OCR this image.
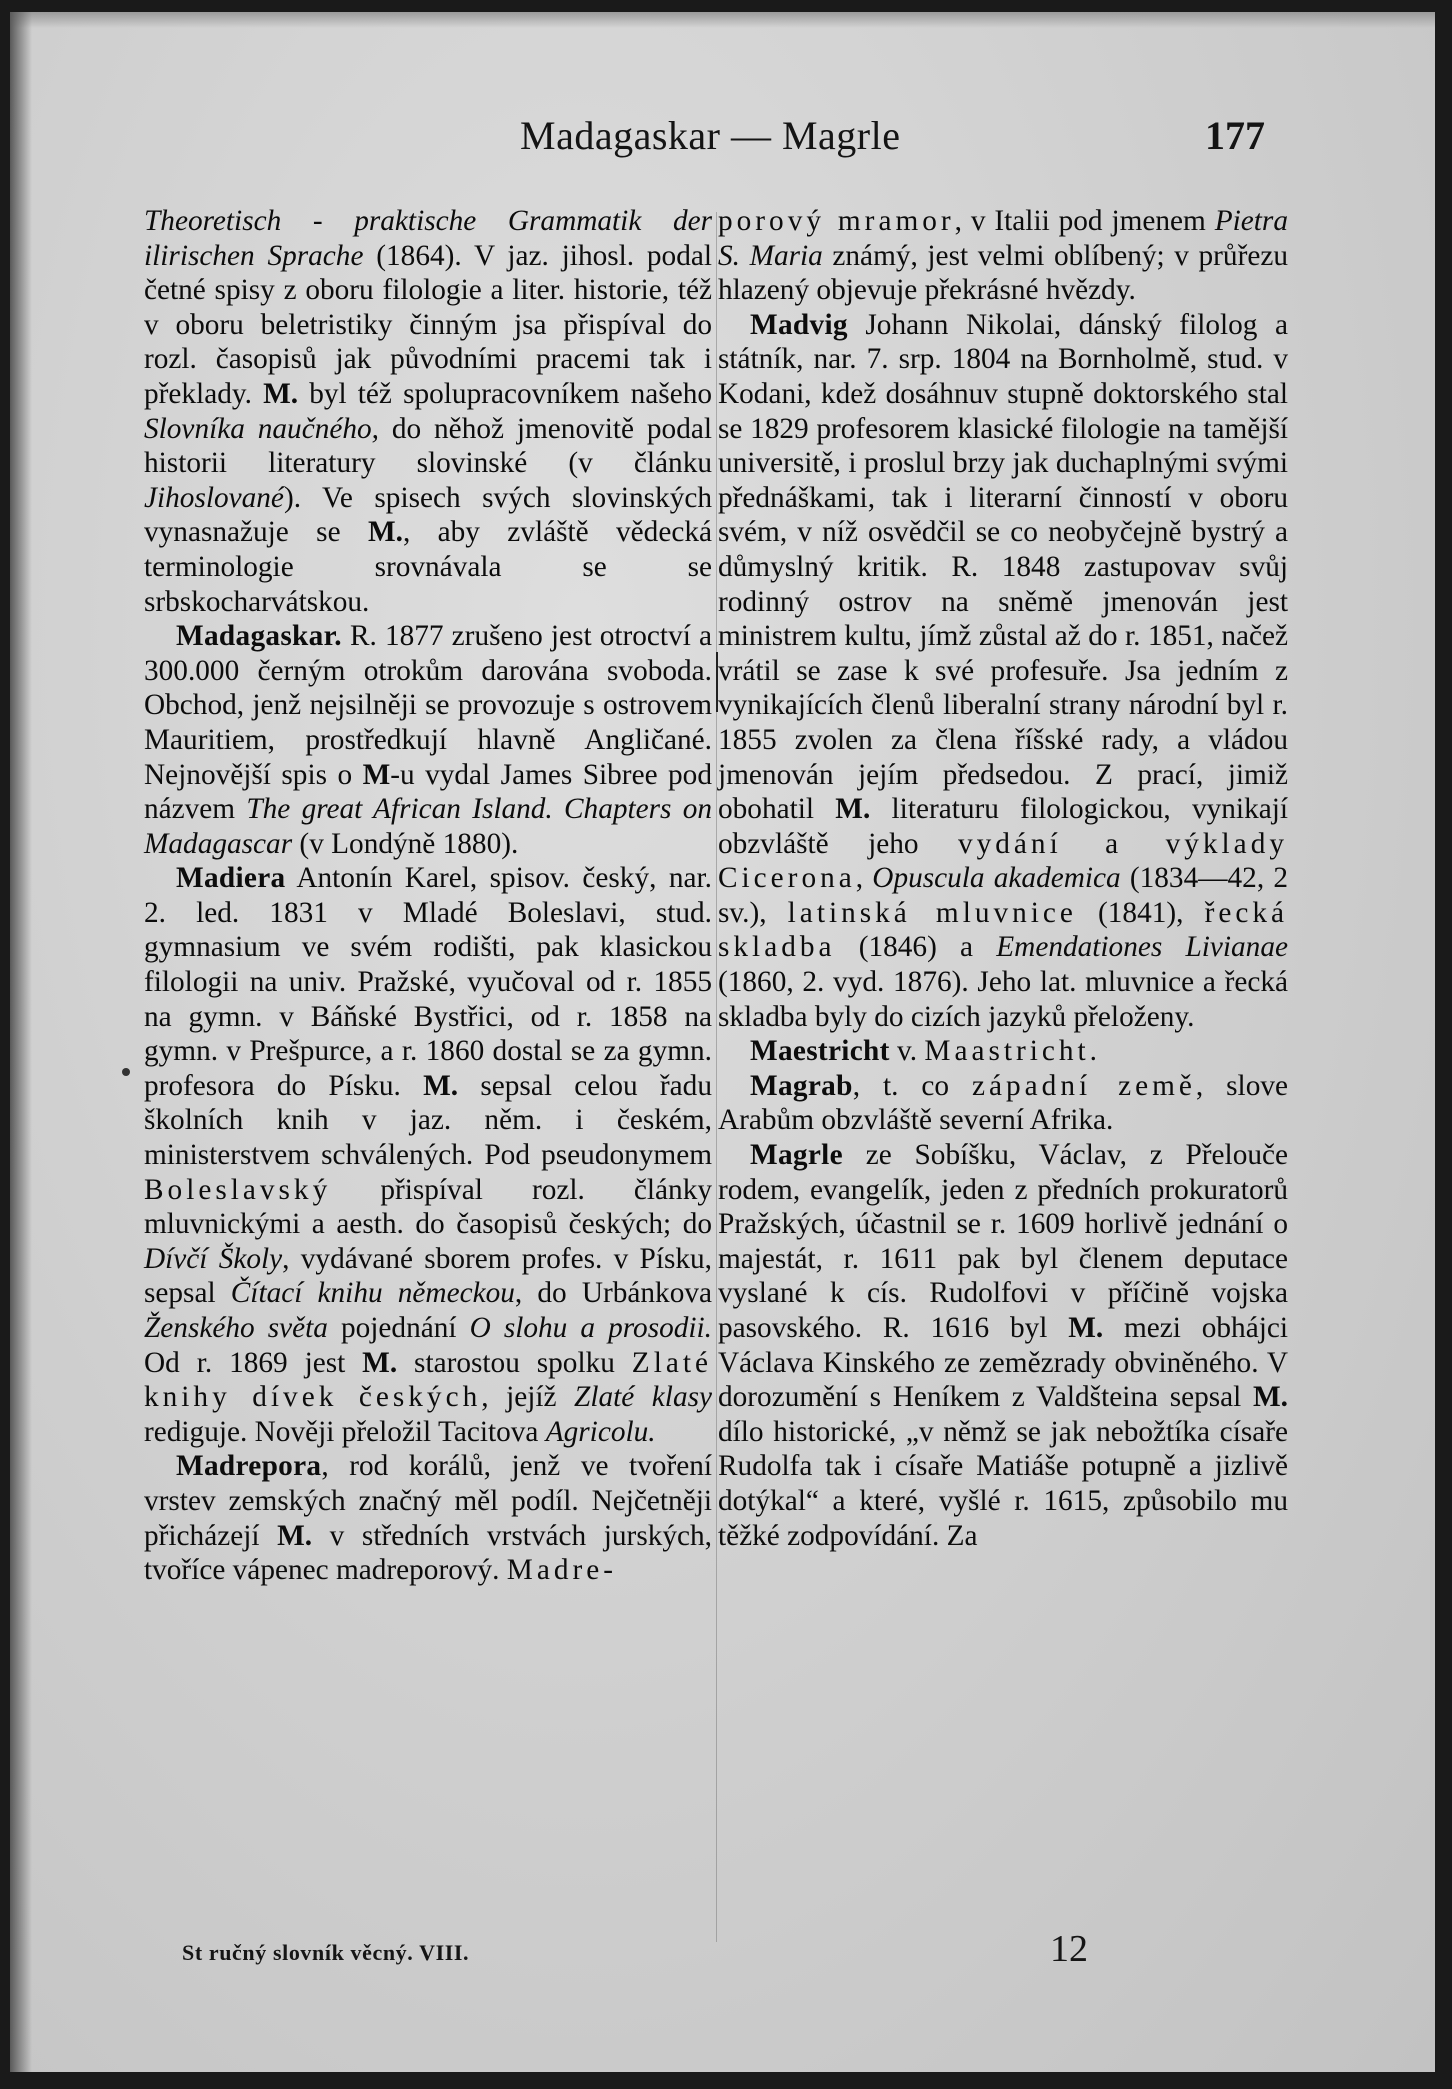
Madagaskar — Magrle	177

Theoretisch - praktische Grammatik der ilirischen Sprache (1864). V jaz. jihosl. podal četné spisy z oboru filologie a liter. historie, též v oboru beletristiky činným jsa přispíval do rozl. časopisů jak původními pracemi tak i překlady. M. byl též spolupracovníkem našeho Slovníka naučného, do něhož jmenovitě podal historii literatury slovinské (v článku Jihoslované). Ve spisech svých slovinských vynasnažuje se M., aby zvláště vědecká terminologie srovnávala se se srbskocharvátskou.

Madagaskar. R. 1877 zrušeno jest otroctví a 300.000 černým otrokům darována svoboda. Obchod, jenž nejsilněji se provozuje s ostrovem Mauritiem, prostředkují hlavně Angličané. Nejnovější spis o M-u vydal James Sibree pod názvem The great African Island. Chapters on Madagascar (v Londýně 1880).

Madiera Antonín Karel, spisov. český, nar. 2. led. 1831 v Mladé Boleslavi, stud. gymnasium ve svém rodišti, pak klasickou filologii na univ. Pražské, vyučoval od r. 1855 na gymn. v Báňské Bystřici, od r. 1858 na gymn. v Prešpurce, a r. 1860 dostal se za gymn. profesora do Písku. M. sepsal celou řadu školních knih v jaz. něm. i českém, ministerstvem schválených. Pod pseudonymem Boleslavský přispíval rozl. články mluvnickými a aesth. do časopisů českých; do Dívčí Školy, vydávané sborem profes. v Písku, sepsal Čítací knihu německou, do Urbánkova Ženského světa pojednání O slohu a prosodii. Od r. 1869 jest M. starostou spolku Zlaté knihy dívek českých, jejíž Zlaté klasy rediguje. Nověji přeložil Tacitova Agricolu.

Madrepora, rod korálů, jenž ve tvoření vrstev zemských značný měl podíl. Nejčetněji přicházejí M. v středních vrstvách jurských, tvoříce vápenec madreporový. Madre-

porový mramor, v Italii pod jmenem Pietra S. Maria známý, jest velmi oblíbený; v průřezu hlazený objevuje překrásné hvězdy.

Madvig Johann Nikolai, dánský filolog a státník, nar. 7. srp. 1804 na Bornholmě, stud. v Kodani, kdež dosáhnuv stupně doktorského stal se 1829 profesorem klasické filologie na tamější universitě, i proslul brzy jak duchaplnými svými přednáškami, tak i literarní činností v oboru svém, v níž osvědčil se co neobyčejně bystrý a důmyslný kritik. R. 1848 zastupovav svůj rodinný ostrov na sněmě jmenován jest ministrem kultu, jímž zůstal až do r. 1851, načež vrátil se zase k své profesuře. Jsa jedním z vynikajících členů liberalní strany národní byl r. 1855 zvolen za člena říšské rady, a vládou jmenován jejím předsedou. Z prací, jimiž obohatil M. literaturu filologickou, vynikají obzvláště jeho vydání a výklady Cicerona, Opuscula akademica (1834—42, 2 sv.), latinská mluvnice (1841), řecká skladba (1846) a Emendationes Livianae (1860, 2. vyd. 1876). Jeho lat. mluvnice a řecká skladba byly do cizích jazyků přeloženy.

Maestricht v. Maastricht.

Magrab, t. co západní země, slove Arabům obzvláště severní Afrika.

Magrle ze Sobíšku, Václav, z Přelouče rodem, evangelík, jeden z předních prokuratorů Pražských, účastnil se r. 1609 horlivě jednání o majestát, r. 1611 pak byl členem deputace vyslané k cís. Rudolfovi v příčině vojska pasovského. R. 1616 byl M. mezi obhájci Václava Kinského ze zemězrady obviněného. V dorozumění s Heníkem z Valdšteina sepsal M. dílo historické, „v němž se jak nebožtíka císaře Rudolfa tak i císaře Matiáše potupně a jizlivě dotýkal“ a které, vyšlé r. 1615, způsobilo mu těžké zodpovídání. Za

St ručný slovník věcný. VIII.	12
